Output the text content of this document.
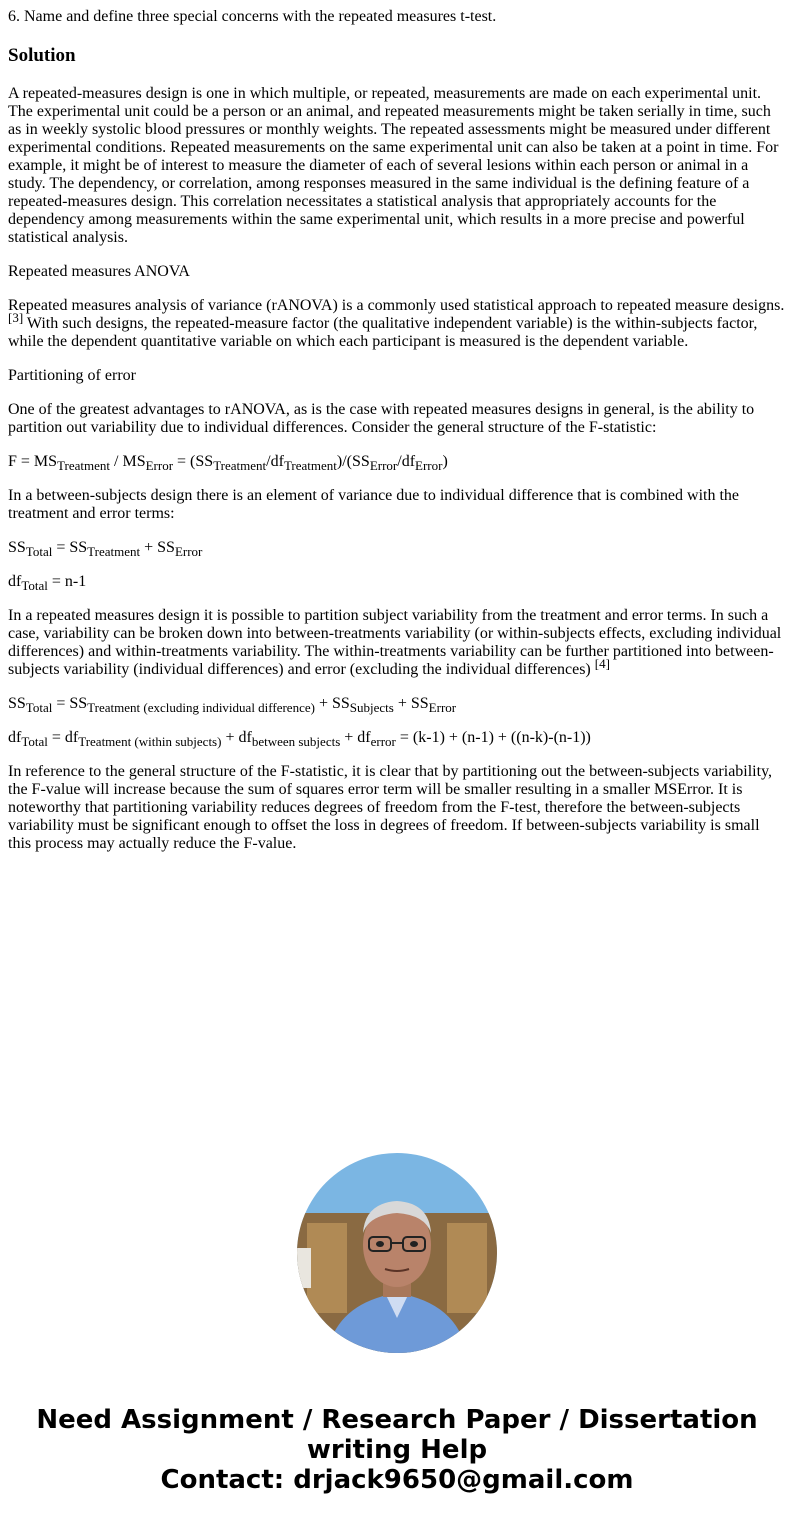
6. Name and define three special concerns with the repeated measures t-test.

Solution

A repeated-measures design is one in which multiple, or repeated, measurements are made on each experimental unit. The experimental unit could be a person or an animal, and repeated measurements might be taken serially in time, such as in weekly systolic blood pressures or monthly weights. The repeated assessments might be measured under different experimental conditions. Repeated measurements on the same experimental unit can also be taken at a point in time. For example, it might be of interest to measure the diameter of each of several lesions within each person or animal in a study. The dependency, or correlation, among responses measured in the same individual is the defining feature of a repeated-measures design. This correlation necessitates a statistical analysis that appropriately accounts for the dependency among measurements within the same experimental unit, which results in a more precise and powerful statistical analysis.

Repeated measures ANOVA

Repeated measures analysis of variance (rANOVA) is a commonly used statistical approach to repeated measure designs. [3] With such designs, the repeated-measure factor (the qualitative independent variable) is the within-subjects factor, while the dependent quantitative variable on which each participant is measured is the dependent variable.

Partitioning of error

One of the greatest advantages to rANOVA, as is the case with repeated measures designs in general, is the ability to partition out variability due to individual differences. Consider the general structure of the F-statistic:

$F = MS_{Treatment} / MS_{Error} = (SS_{Treatment}/df_{Treatment})/(SS_{Error}/df_{Error})$

In a between-subjects design there is an element of variance due to individual difference that is combined with the treatment and error terms:

$SS_{Total} = SS_{Treatment} + SS_{Error}$

$df_{Total} = n-1$

In a repeated measures design it is possible to partition subject variability from the treatment and error terms. In such a case, variability can be broken down into between-treatments variability (or within-subjects effects, excluding individual differences) and within-treatments variability. The within-treatments variability can be further partitioned into between-subjects variability (individual differences) and error (excluding the individual differences) [4]

$SS_{Total} = SS_{Treatment (excluding individual difference)} + SS_{Subjects} + SS_{Error}$

$df_{Total} = df_{Treatment (within subjects)} + df_{between subjects} + df_{error} = (k-1) + (n-1) + ((n-k)-(n-1))$

In reference to the general structure of the F-statistic, it is clear that by partitioning out the between-subjects variability, the F-value will increase because the sum of squares error term will be smaller resulting in a smaller MSError. It is noteworthy that partitioning variability reduces degrees of freedom from the F-test, therefore the between-subjects variability must be significant enough to offset the loss in degrees of freedom. If between-subjects variability is small this process may actually reduce the F-value.

Need Assignment / Research Paper / Dissertation
writing Help
Contact: drjack9650@gmail.com
